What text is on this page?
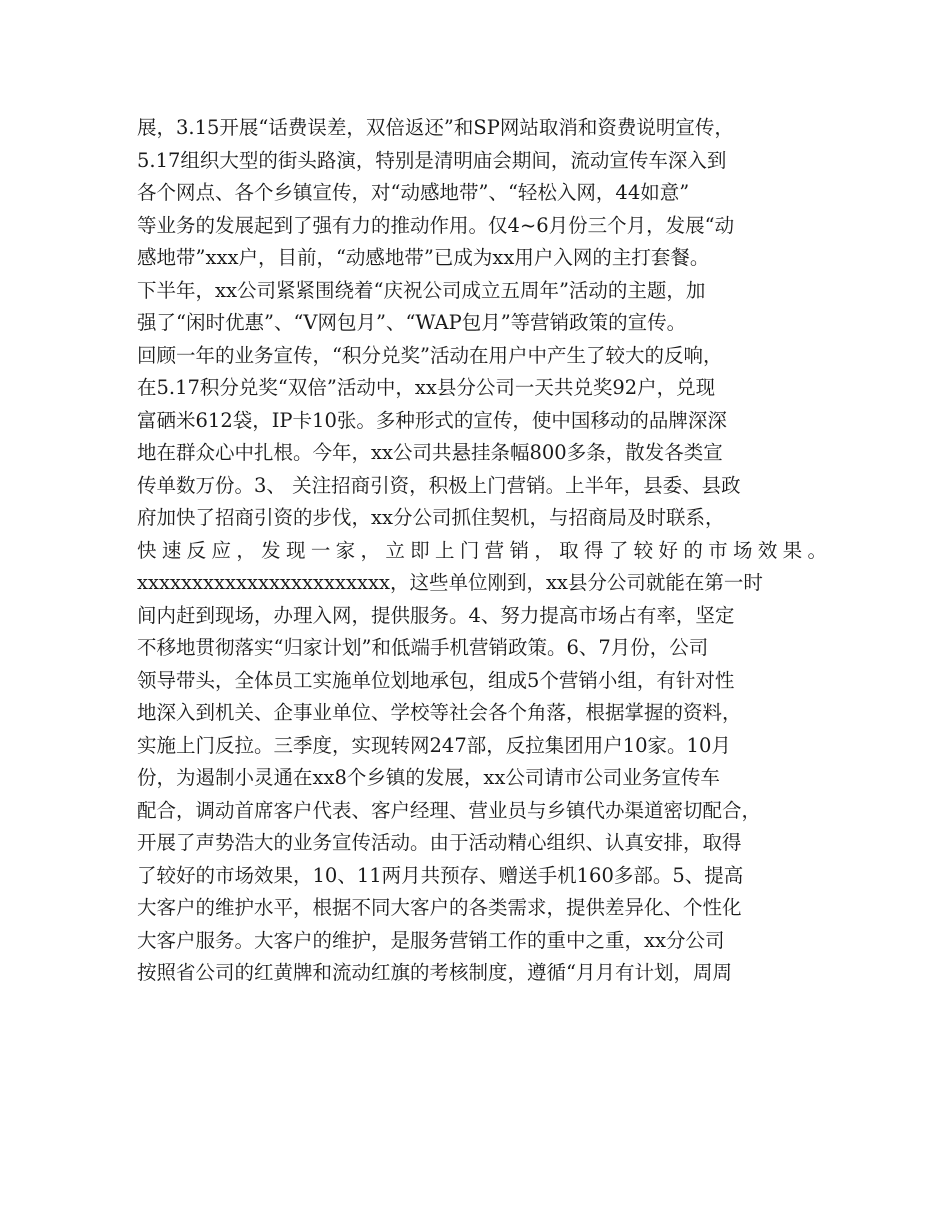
展，3.15开展“话费误差，双倍返还”和SP网站取消和资费说明宣传，
5.17组织大型的街头路演，特别是清明庙会期间，流动宣传车深入到
各个网点、各个乡镇宣传，对“动感地带”、“轻松入网，44如意”
等业务的发展起到了强有力的推动作用。仅4~6月份三个月，发展“动
感地带”xxx户，目前，“动感地带”已成为xx用户入网的主打套餐。
下半年，xx公司紧紧围绕着“庆祝公司成立五周年”活动的主题，加
强了“闲时优惠”、“V网包月”、“WAP包月”等营销政策的宣传。
回顾一年的业务宣传，“积分兑奖”活动在用户中产生了较大的反响，
在5.17积分兑奖“双倍”活动中，xx县分公司一天共兑奖92户，兑现
富硒米612袋，IP卡10张。多种形式的宣传，使中国移动的品牌深深
地在群众心中扎根。今年，xx公司共悬挂条幅800多条，散发各类宣
传单数万份。3、 关注招商引资，积极上门营销。上半年，县委、县政
府加快了招商引资的步伐，xx分公司抓住契机，与招商局及时联系，
快速反应，发现一家，立即上门营销，取得了较好的市场效果。
xxxxxxxxxxxxxxxxxxxxxxx，这些单位刚到，xx县分公司就能在第一时
间内赶到现场，办理入网，提供服务。4、努力提高市场占有率，坚定
不移地贯彻落实“归家计划”和低端手机营销政策。6、7月份，公司
领导带头，全体员工实施单位划地承包，组成5个营销小组，有针对性
地深入到机关、企事业单位、学校等社会各个角落，根据掌握的资料，
实施上门反拉。三季度，实现转网247部，反拉集团用户10家。10月
份，为遏制小灵通在xx8个乡镇的发展，xx公司请市公司业务宣传车
配合，调动首席客户代表、客户经理、营业员与乡镇代办渠道密切配合，
开展了声势浩大的业务宣传活动。由于活动精心组织、认真安排，取得
了较好的市场效果，10、11两月共预存、赠送手机160多部。5、提高
大客户的维护水平，根据不同大客户的各类需求，提供差异化、个性化
大客户服务。大客户的维护，是服务营销工作的重中之重，xx分公司
按照省公司的红黄牌和流动红旗的考核制度，遵循“月月有计划，周周
